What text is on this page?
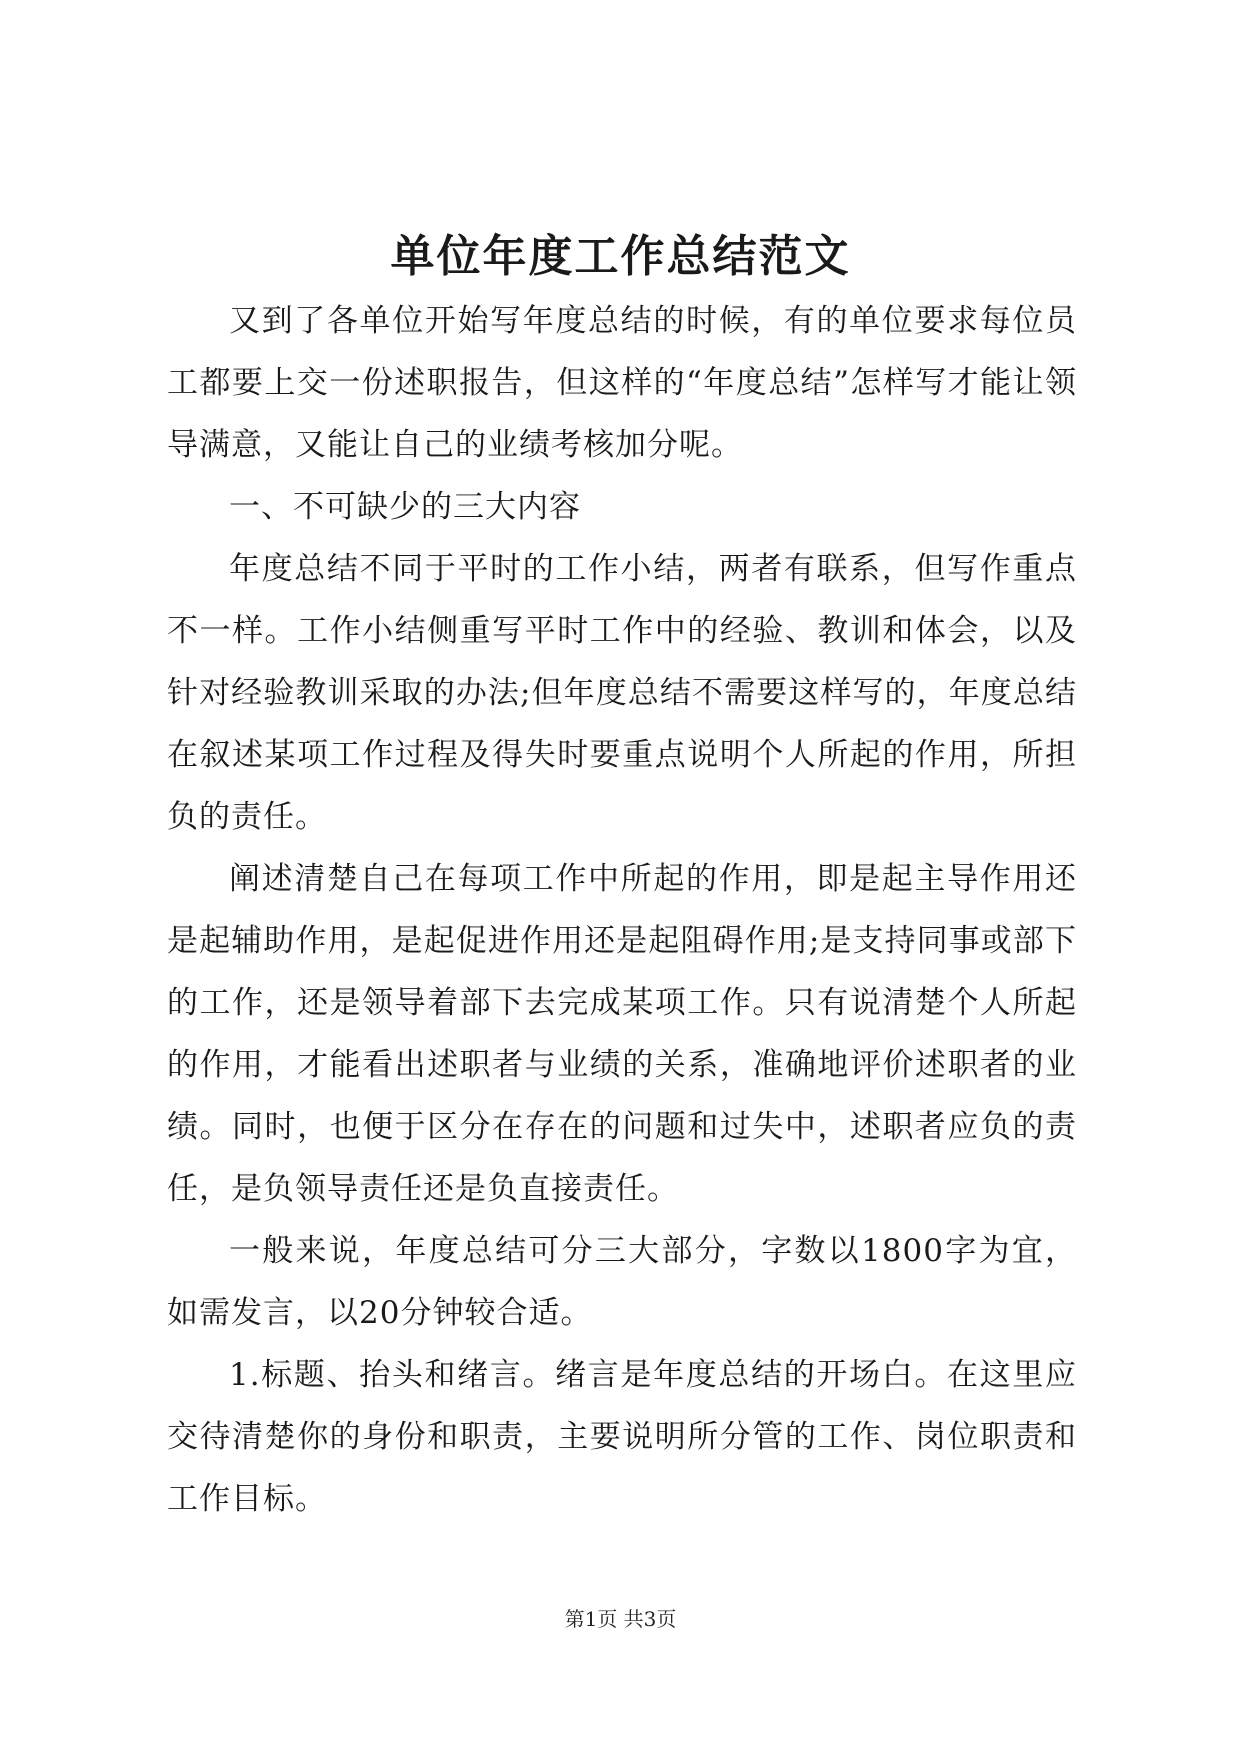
单位年度工作总结范文

又到了各单位开始写年度总结的时候，有的单位要求每位员工都要上交一份述职报告，但这样的“年度总结”怎样写才能让领导满意，又能让自己的业绩考核加分呢。

一、不可缺少的三大内容

年度总结不同于平时的工作小结，两者有联系，但写作重点不一样。工作小结侧重写平时工作中的经验、教训和体会，以及针对经验教训采取的办法;但年度总结不需要这样写的，年度总结在叙述某项工作过程及得失时要重点说明个人所起的作用，所担负的责任。

阐述清楚自己在每项工作中所起的作用，即是起主导作用还是起辅助作用，是起促进作用还是起阻碍作用;是支持同事或部下的工作，还是领导着部下去完成某项工作。只有说清楚个人所起的作用，才能看出述职者与业绩的关系，准确地评价述职者的业绩。同时，也便于区分在存在的问题和过失中，述职者应负的责任，是负领导责任还是负直接责任。

一般来说，年度总结可分三大部分，字数以1800字为宜，如需发言，以20分钟较合适。

1.标题、抬头和绪言。绪言是年度总结的开场白。在这里应交待清楚你的身份和职责，主要说明所分管的工作、岗位职责和工作目标。

第1页 共3页
